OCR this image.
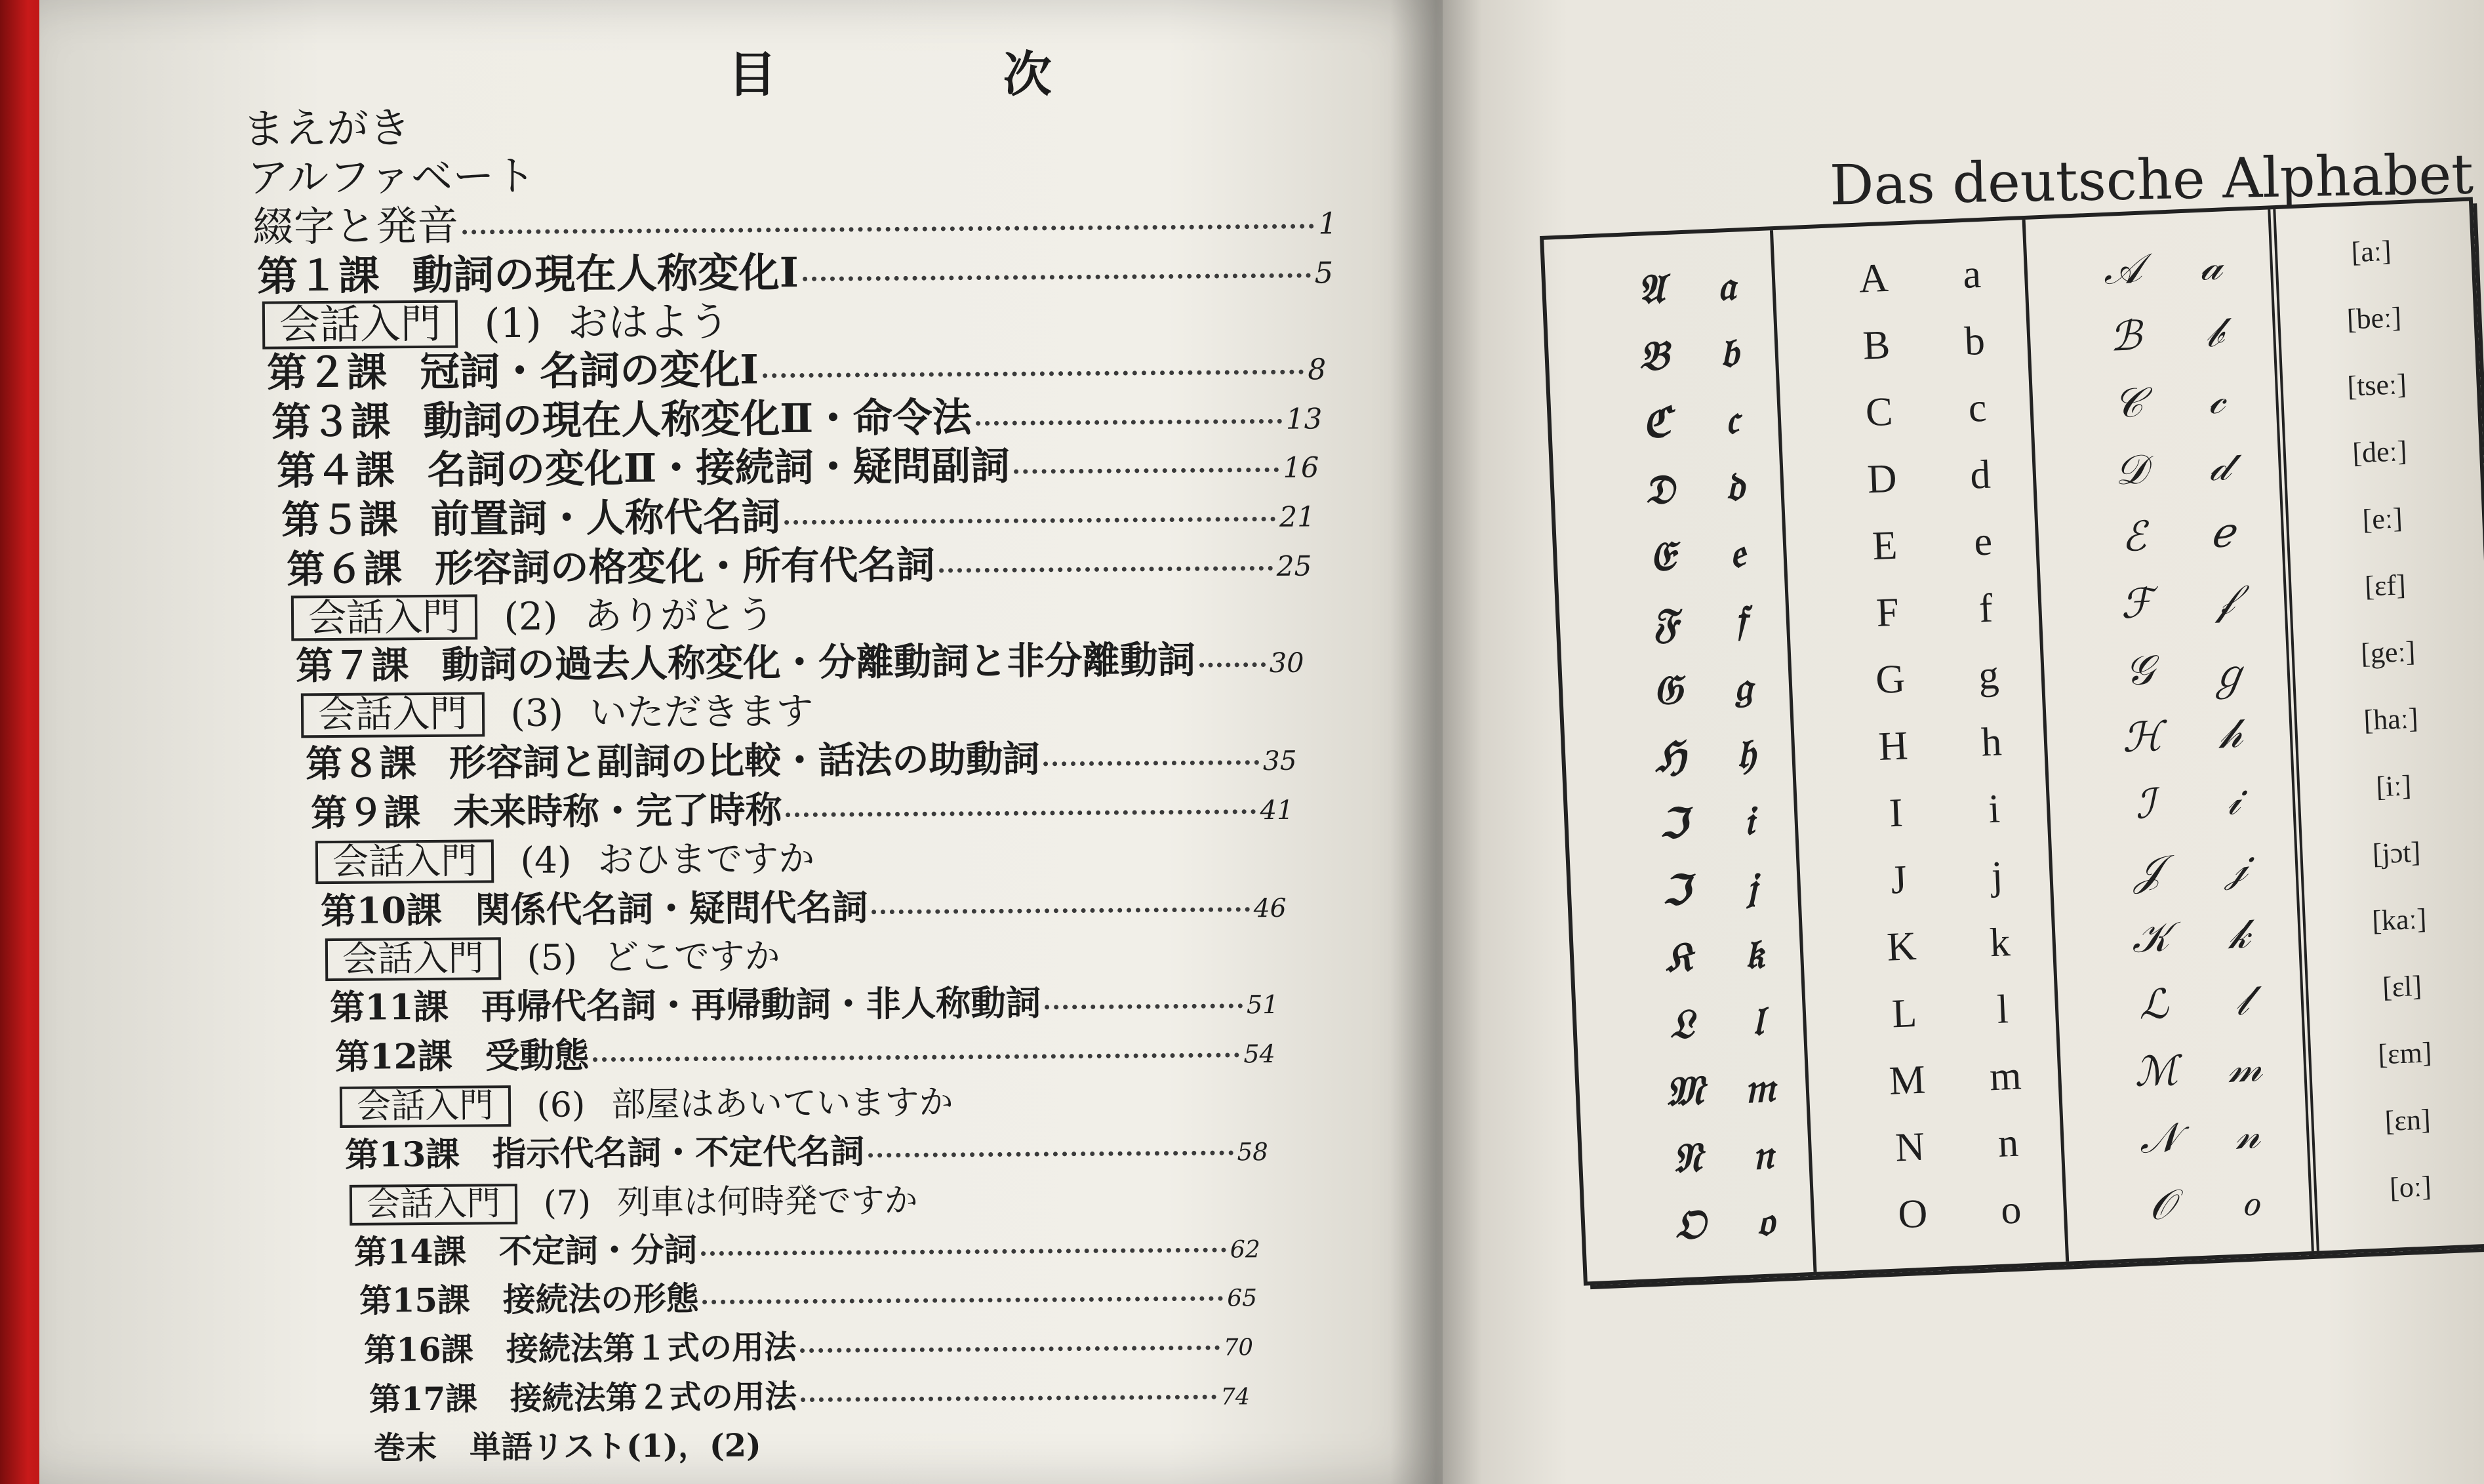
目 次
まえがき
アルファベート
綴字と発音	1
第１課 動詞の現在人称変化Ⅰ	5
会話入門	(1) おはよう
第２課 冠詞・名詞の変化Ⅰ	8
第３課 動詞の現在人称変化Ⅱ・命令法	13
第４課 名詞の変化Ⅱ・接続詞・疑問副詞	16
第５課 前置詞・人称代名詞	21
第６課 形容詞の格変化・所有代名詞	25
会話入門	(2) ありがとう
第７課 動詞の過去人称変化・分離動詞と非分離動詞	30
会話入門	(3) いただきます
第８課 形容詞と副詞の比較・話法の助動詞	35
第９課 未来時称・完了時称	41
会話入門	(4) おひまですか
第10課 関係代名詞・疑問代名詞	46
会話入門	(5) どこですか
第11課 再帰代名詞・再帰動詞・非人称動詞	51
第12課 受動態	54
会話入門	(6) 部屋はあいていますか
第13課 指示代名詞・不定代名詞	58
会話入門	(7) 列車は何時発ですか
第14課 不定詞・分詞	62
第15課 接続法の形態	65
第16課 接続法第１式の用法	70
第17課 接続法第２式の用法	74
巻末 単語リスト(1)，(2)
Das deutsche Alphabet
𝔄	𝔞	A	a	𝒜	𝒶	[aː]
𝔅	𝔟	B	b	ℬ	𝒷	[beː]
ℭ	𝔠	C	c	𝒞	𝒸	[tseː]
𝔇	𝔡	D	d	𝒟	𝒹	[deː]
𝔈	𝔢	E	e	ℰ	ℯ	[eː]
𝔉	𝔣	F	f	ℱ	𝒻	[ɛf]
𝔊	𝔤	G	g	𝒢	ℊ	[geː]
ℌ	𝔥	H	h	ℋ	𝒽	[haː]
ℑ	𝔦	I	i	ℐ	𝒾	[iː]
ℑ	𝔧	J	j	𝒥	𝒿	[jɔt]
𝔎	𝔨	K	k	𝒦	𝓀	[kaː]
𝔏	𝔩	L	l	ℒ	𝓁	[ɛl]
𝔐 𝔪	M	m	ℳ	𝓂	[ɛm]
𝔑	𝔫	N	n	𝒩	𝓃	[ɛn]
𝔒	𝔬	O	o	𝒪	ℴ	[oː]
